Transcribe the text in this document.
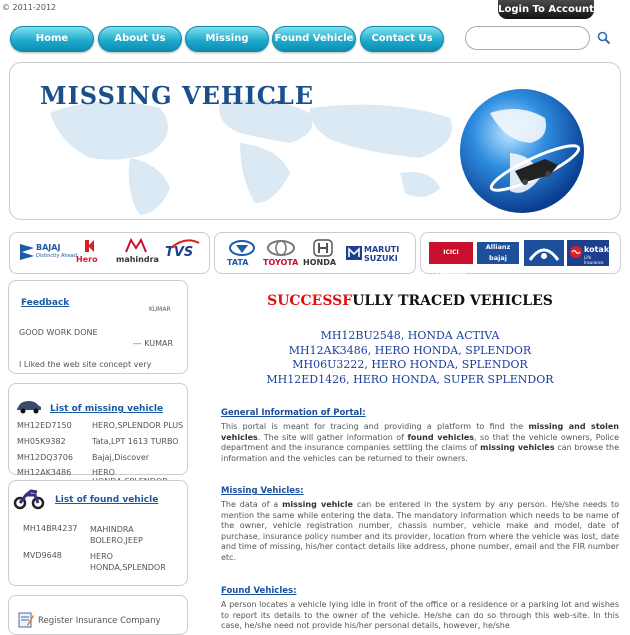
© 2011-2012	Login To Account
Home	About Us	Missing	Found Vehicle	Contact Us
MISSING VEHICLE
BAJAJ
Distinctly Ahead Hero mahindra TVS
TATA TOYOTA HONDA
MARUTI
SUZUKI
ICICI Lombard
Allianz
bajaj
kotak
Life Insurance
Feedback
KUMAR
GOOD WORK DONE
--- KUMAR
I Liked the web site concept very
List of missing vehicle
MH12ED7150	HERO,SPLENDOR PLUS
MH05K9382	Tata,LPT 1613 TURBO
MH12DQ3706 Bajaj,Discover
MH12AK3486	HERO
List of found vehicle
MH14BR4237 MAHINDRA BOLERO,JEEP
MVD9648	HERO HONDA,SPLENDOR
Register Insurance Company
SUCCESSFULLY TRACED VEHICLES
MH12BU2548, HONDA ACTIVA
MH12AK3486, HERO HONDA, SPLENDOR
MH06U3222, HERO HONDA, SPLENDOR
MH12ED1426, HERO HONDA, SUPER SPLENDOR
General Information of Portal:
This portal is meant for tracing and providing a platform to find the missing and stolen vehicles. The site will gather information of found vehicles, so that the vehicle owners, Police department and the insurance companies settling the claims of missing vehicles can browse the information and the vehicles can be returned to their owners.
Missing Vehicles:
The data of a missing vehicle can be entered in the system by any person. He/she needs to mention the same while entering the data. The mandatory information which needs to be name of the owner, vehicle registration number, chassis number, vehicle make and model, date of purchase, insurance policy number and its provider, location from where the vehicle was lost, date and time of missing, his/her contact details like address, phone number, email and the FIR number etc.
Found Vehicles:
A person locates a vehicle lying idle in front of the office or a residence or a parking lot and wishes to report its details to the owner of the vehicle. He/she can do so through this web-site. In this case, he/she need not provide his/her personal details, however, he/she
